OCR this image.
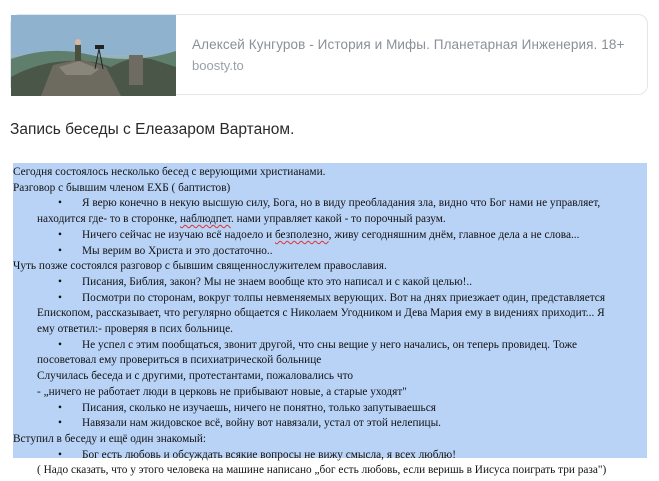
Алексей Кунгуров - История и Мифы. Планетарная Инженерия. 18+
boosty.to
Запись беседы с Елеазаром Вартаном.
Сегодня состоялось несколько бесед с верующими христианами.
Разговор с бывшим членом ЕХБ ( баптистов)
• Я верю конечно в некую высшую силу, Бога, но в виду преобладания зла, видно что Бог нами не управляет,
находится где- то в сторонке, наблюдпет. нами управляет какой - то порочный разум.
• Ничего сейчас не изучаю всё надоело и безполезно, живу сегодняшним днём, главное дела а не слова...
• Мы верим во Христа и это достаточно..
Чуть позже состоялся разговор с бывшим священнослужителем православия.
• Писания, Библия, закон? Мы не знаем вообще кто это написал и с какой целью!..
• Посмотри по сторонам, вокруг толпы невменяемых верующих. Вот на днях приезжает один, представляется
Епископом, рассказывает, что регулярно общается с Николаем Угодником и Дева Мария ему в видениях приходит... Я
ему ответил:- проверяя в псих больнице.
• Не успел с этим пообщаться, звонит другой, что сны вещие у него начались, он теперь провидец. Тоже
посоветовал ему провериться в психиатрической больнице
Случилась беседа и с другими, протестантами, пожаловались что
- „ничего не работает люди в церковь не прибывают новые, а старые уходят"
• Писания, сколько не изучаешь, ничего не понятно, только запутываешься
• Навязали нам жидовское всё, войну вот навязали, устал от этой нелепицы.
Вступил в беседу и ещё один знакомый:
• Бог есть любовь и обсуждать всякие вопросы не вижу смысла, я всех люблю!
( Надо сказать, что у этого человека на машине написано „бог есть любовь, если веришь в Иисуса поиграть три раза")
